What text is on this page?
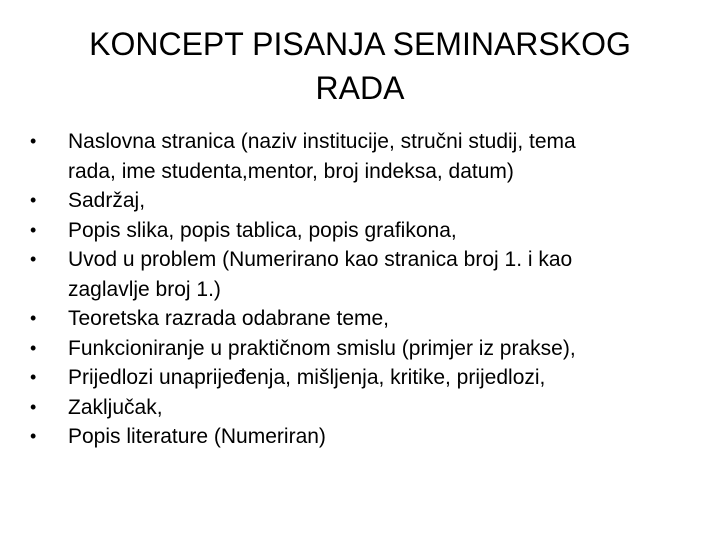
KONCEPT PISANJA SEMINARSKOG
RADA
•	Naslovna stranica (naziv institucije, stručni studij, tema
rada, ime studenta,mentor, broj indeksa, datum)
•	Sadržaj,
•	Popis slika, popis tablica, popis grafikona,
•	Uvod u problem (Numerirano kao stranica broj 1. i kao
zaglavlje broj 1.)
•	Teoretska razrada odabrane teme,
•	Funkcioniranje u praktičnom smislu (primjer iz prakse),
•	Prijedlozi unaprijeđenja, mišljenja, kritike, prijedlozi,
•	Zaključak,
•	Popis literature (Numeriran)
